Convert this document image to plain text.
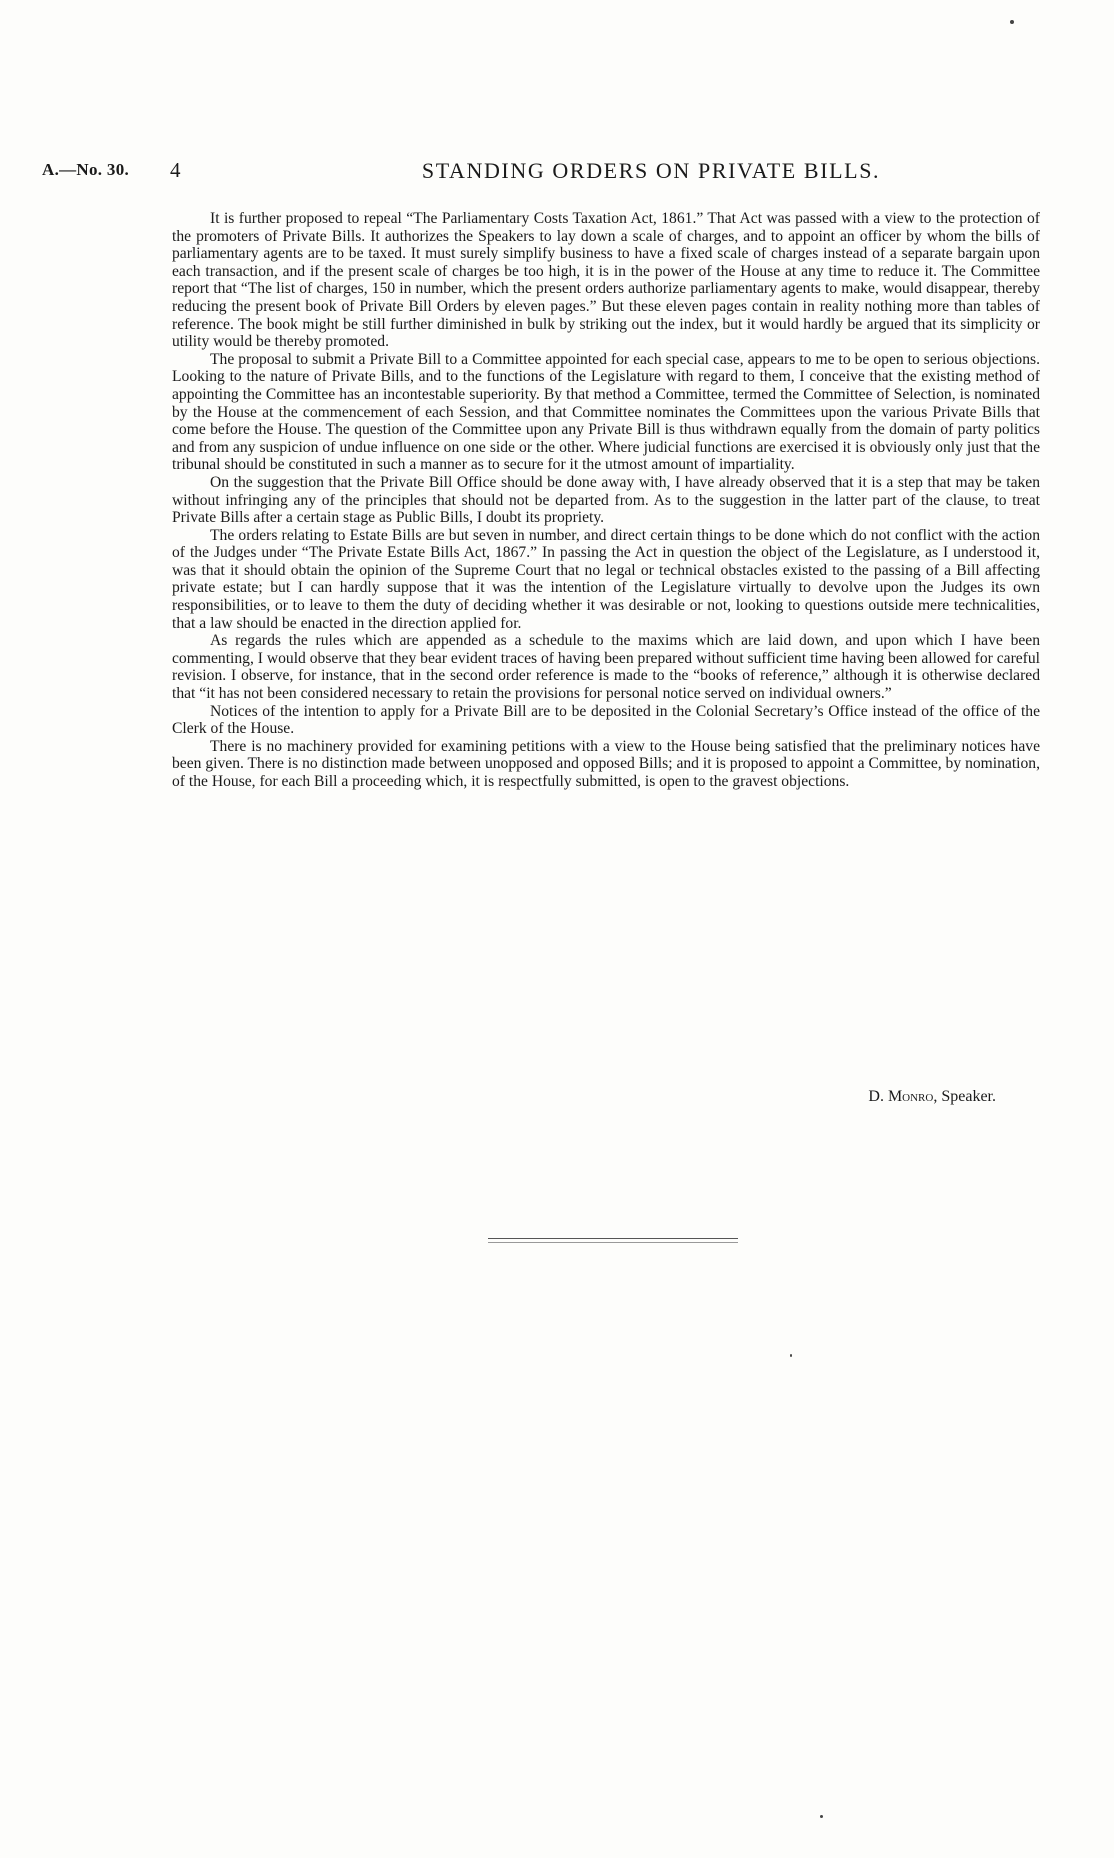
A.—No. 30. 4	STANDING ORDERS ON PRIVATE BILLS.

It is further proposed to repeal “The Parliamentary Costs Taxation Act, 1861.” That Act was passed with a view to the protection of the promoters of Private Bills. It authorizes the Speakers to lay down a scale of charges, and to appoint an officer by whom the bills of parliamentary agents are to be taxed. It must surely simplify business to have a fixed scale of charges instead of a separate bargain upon each transaction, and if the present scale of charges be too high, it is in the power of the House at any time to reduce it. The Committee report that “The list of charges, 150 in number, which the present orders authorize parliamentary agents to make, would disappear, thereby reducing the present book of Private Bill Orders by eleven pages.” But these eleven pages contain in reality nothing more than tables of reference. The book might be still further diminished in bulk by striking out the index, but it would hardly be argued that its simplicity or utility would be thereby promoted.

The proposal to submit a Private Bill to a Committee appointed for each special case, appears to me to be open to serious objections. Looking to the nature of Private Bills, and to the functions of the Legislature with regard to them, I conceive that the existing method of appointing the Committee has an incontestable superiority. By that method a Committee, termed the Committee of Selection, is nominated by the House at the commencement of each Session, and that Committee nominates the Committees upon the various Private Bills that come before the House. The question of the Committee upon any Private Bill is thus withdrawn equally from the domain of party politics and from any suspicion of undue influence on one side or the other. Where judicial functions are exercised it is obviously only just that the tribunal should be constituted in such a manner as to secure for it the utmost amount of impartiality.

On the suggestion that the Private Bill Office should be done away with, I have already observed that it is a step that may be taken without infringing any of the principles that should not be departed from. As to the suggestion in the latter part of the clause, to treat Private Bills after a certain stage as Public Bills, I doubt its propriety.

The orders relating to Estate Bills are but seven in number, and direct certain things to be done which do not conflict with the action of the Judges under “The Private Estate Bills Act, 1867.” In passing the Act in question the object of the Legislature, as I understood it, was that it should obtain the opinion of the Supreme Court that no legal or technical obstacles existed to the passing of a Bill affecting private estate; but I can hardly suppose that it was the intention of the Legislature virtually to devolve upon the Judges its own responsibilities, or to leave to them the duty of deciding whether it was desirable or not, looking to questions outside mere technicalities, that a law should be enacted in the direction applied for.

As regards the rules which are appended as a schedule to the maxims which are laid down, and upon which I have been commenting, I would observe that they bear evident traces of having been prepared without sufficient time having been allowed for careful revision. I observe, for instance, that in the second order reference is made to the “books of reference,” although it is otherwise declared that “it has not been considered necessary to retain the provisions for personal notice served on individual owners.”

Notices of the intention to apply for a Private Bill are to be deposited in the Colonial Secretary’s Office instead of the office of the Clerk of the House.

There is no machinery provided for examining petitions with a view to the House being satisfied that the preliminary notices have been given. There is no distinction made between unopposed and opposed Bills; and it is proposed to appoint a Committee, by nomination, of the House, for each Bill a proceeding which, it is respectfully submitted, is open to the gravest objections.

D. Monro, Speaker.
